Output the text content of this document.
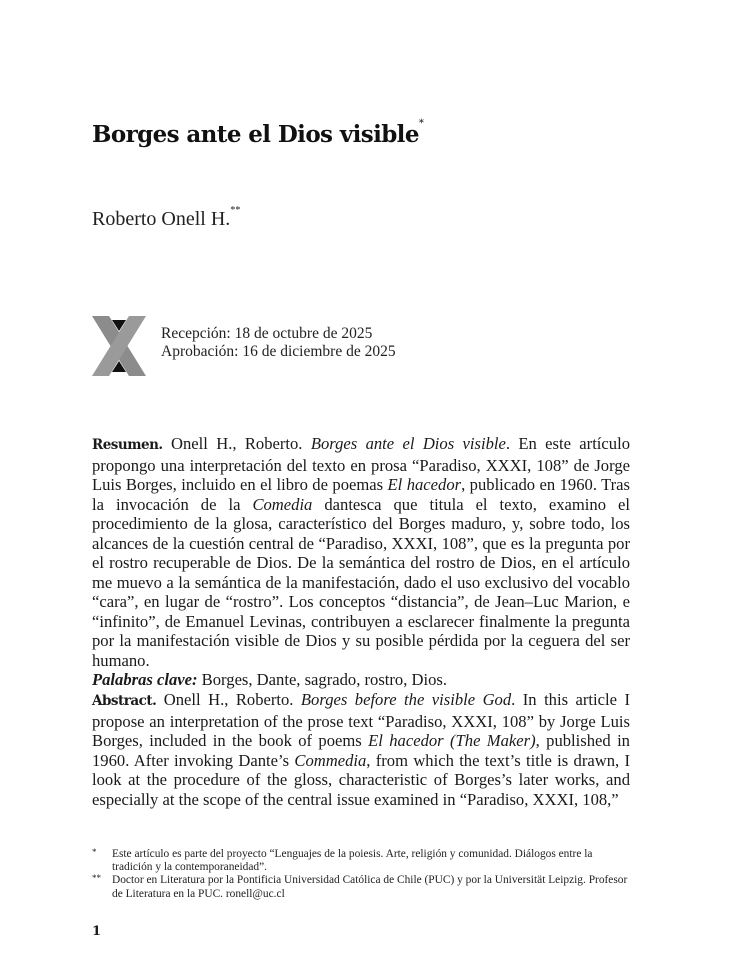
Borges ante el Dios visible*
Roberto Onell H.**
Recepción: 18 de octubre de 2025
Aprobación: 16 de diciembre de 2025
Resumen. Onell H., Roberto. Borges ante el Dios visible. En este artículo propongo una interpretación del texto en prosa “Paradiso, XXXI, 108” de Jorge Luis Borges, incluido en el libro de poemas El hacedor, publicado en 1960. Tras la invocación de la Comedia dantesca que titula el texto, examino el procedimiento de la glosa, característico del Borges maduro, y, sobre todo, los alcances de la cuestión central de “Paradiso, XXXI, 108”, que es la pregunta por el rostro recuperable de Dios. De la semántica del rostro de Dios, en el artículo me muevo a la semántica de la manifestación, dado el uso exclusivo del vocablo “cara”, en lugar de “rostro”. Los conceptos “distancia”, de Jean–Luc Marion, e “infinito”, de Emanuel Levinas, contribuyen a esclarecer finalmente la pregunta por la manifestación visible de Dios y su posible pérdida por la ceguera del ser humano.
Palabras clave: Borges, Dante, sagrado, rostro, Dios.
Abstract. Onell H., Roberto. Borges before the visible God. In this article I propose an interpretation of the prose text “Paradiso, XXXI, 108” by Jorge Luis Borges, included in the book of poems El hacedor (The Maker), published in 1960. After invoking Dante’s Commedia, from which the text’s title is drawn, I look at the procedure of the gloss, characteristic of Borges’s later works, and especially at the scope of the central issue examined in “Paradiso, XXXI, 108,”

* Este artículo es parte del proyecto “Lenguajes de la poiesis. Arte, religión y comunidad. Diálogos entre la tradición y la contemporaneidad”.

** Doctor en Literatura por la Pontificia Universidad Católica de Chile (PUC) y por la Universität Leipzig. Profesor de Literatura en la PUC. ronell@uc.cl

1
